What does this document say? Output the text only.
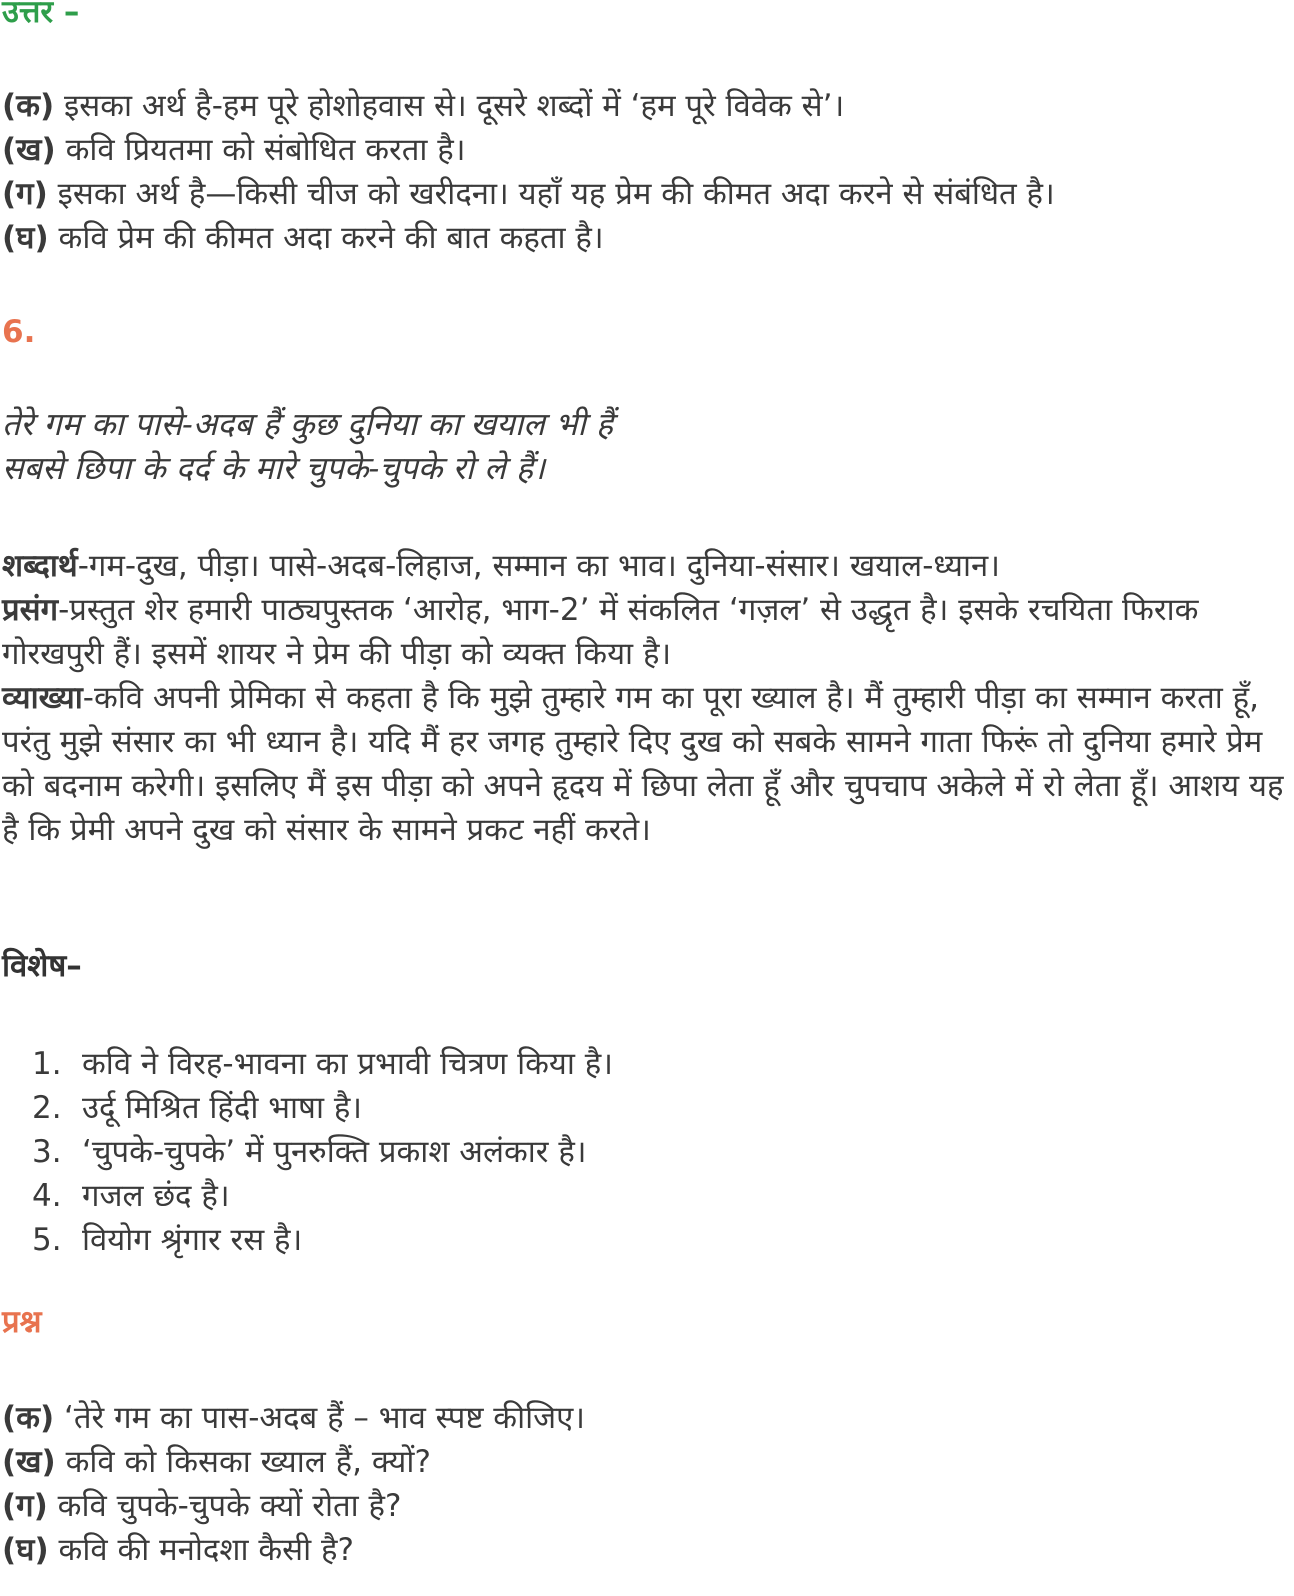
उत्तर –
(क) इसका अर्थ है-हम पूरे होशोहवास से। दूसरे शब्दों में ‘हम पूरे विवेक से’।
(ख) कवि प्रियतमा को संबोधित करता है।
(ग) इसका अर्थ है—किसी चीज को खरीदना। यहाँ यह प्रेम की कीमत अदा करने से संबंधित है।
(घ) कवि प्रेम की कीमत अदा करने की बात कहता है।
6.
तेरे गम का पासे-अदब हैं कुछ दुनिया का खयाल भी हैं
सबसे छिपा के दर्द के मारे चुपके-चुपके रो ले हैं।
शब्दार्थ-गम-दुख, पीड़ा। पासे-अदब-लिहाज, सम्मान का भाव। दुनिया-संसार। खयाल-ध्यान।
प्रसंग-प्रस्तुत शेर हमारी पाठ्यपुस्तक ‘आरोह, भाग-2’ में संकलित ‘गज़ल’ से उद्धृत है। इसके रचयिता फिराक गोरखपुरी हैं। इसमें शायर ने प्रेम की पीड़ा को व्यक्त किया है।
व्याख्या-कवि अपनी प्रेमिका से कहता है कि मुझे तुम्हारे गम का पूरा ख्याल है। मैं तुम्हारी पीड़ा का सम्मान करता हूँ, परंतु मुझे संसार का भी ध्यान है। यदि मैं हर जगह तुम्हारे दिए दुख को सबके सामने गाता फिरूं तो दुनिया हमारे प्रेम को बदनाम करेगी। इसलिए मैं इस पीड़ा को अपने हृदय में छिपा लेता हूँ और चुपचाप अकेले में रो लेता हूँ। आशय यह है कि प्रेमी अपने दुख को संसार के सामने प्रकट नहीं करते।
विशेष–
1. कवि ने विरह-भावना का प्रभावी चित्रण किया है।
2. उर्दू मिश्रित हिंदी भाषा है।
3. ‘चुपके-चुपके’ में पुनरुक्ति प्रकाश अलंकार है।
4. गजल छंद है।
5. वियोग श्रृंगार रस है।
प्रश्न
(क) ‘तेरे गम का पास-अदब हैं – भाव स्पष्ट कीजिए।
(ख) कवि को किसका ख्याल हैं, क्यों?
(ग) कवि चुपके-चुपके क्यों रोता है?
(घ) कवि की मनोदशा कैसी है?
